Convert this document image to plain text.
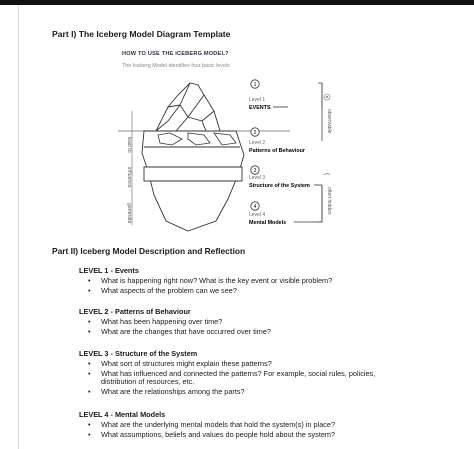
Part I) The Iceberg Model Diagram Template
HOW TO USE THE ICEBERG MODEL?
The Iceberg Model identifies four basic levels
lead to
influence
generate
1
Level 1
EVENTS
2
Level 2
Patterns of Behaviour
3
Level 3
Structure of the System
4
Level 4
Mental Models
observable
often hidden
Part II) Iceberg Model Description and Reflection
LEVEL 1 - Events
• What is happening right now? What is the key event or visible problem?
• What aspects of the problem can we see?
LEVEL 2 - Patterns of Behaviour
• What has been happening over time?
• What are the changes that have occurred over time?
LEVEL 3 - Structure of the System
• What sort of structures might explain these patterns?
• What has influenced and connected the patterns? For example, social rules, policies, distribution of resources, etc.
• What are the relationships among the parts?
LEVEL 4 - Mental Models
• What are the underlying mental models that hold the system(s) in place?
• What assumptions, beliefs and values do people hold about the system?
